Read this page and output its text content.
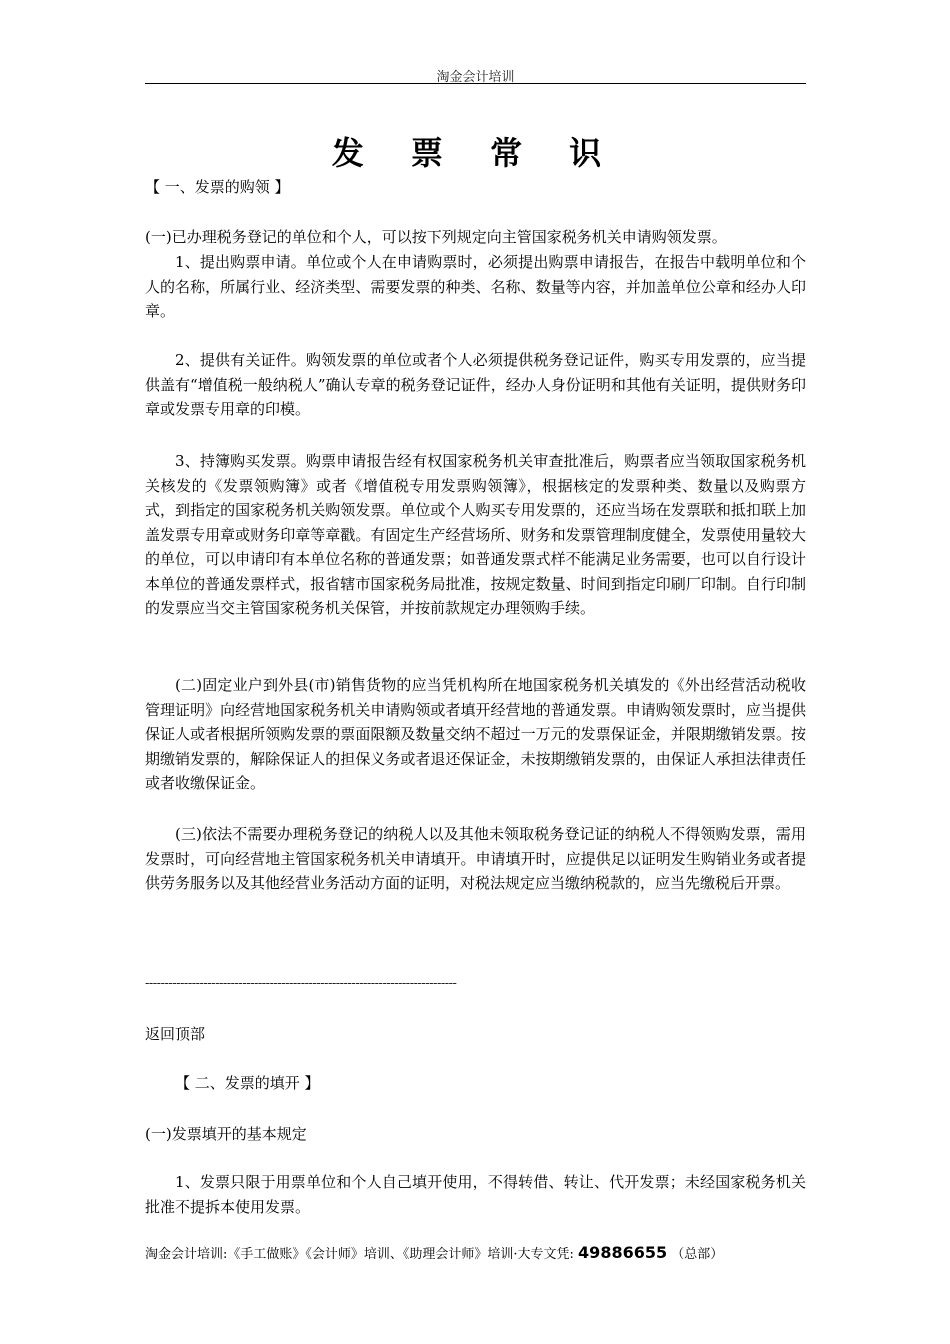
淘金会计培训
发 票 常 识
【 一、发票的购领 】
(一)已办理税务登记的单位和个人，可以按下列规定向主管国家税务机关申请购领发票。
1、提出购票申请。单位或个人在申请购票时，必须提出购票申请报告，在报告中载明单位和个人的名称，所属行业、经济类型、需要发票的种类、名称、数量等内容，并加盖单位公章和经办人印章。
2、提供有关证件。购领发票的单位或者个人必须提供税务登记证件，购买专用发票的，应当提供盖有“增值税一般纳税人”确认专章的税务登记证件，经办人身份证明和其他有关证明，提供财务印章或发票专用章的印模。
3、持簿购买发票。购票申请报告经有权国家税务机关审查批准后，购票者应当领取国家税务机关核发的《发票领购簿》或者《增值税专用发票购领簿》，根据核定的发票种类、数量以及购票方式，到指定的国家税务机关购领发票。单位或个人购买专用发票的，还应当场在发票联和抵扣联上加盖发票专用章或财务印章等章戳。有固定生产经营场所、财务和发票管理制度健全，发票使用量较大的单位，可以申请印有本单位名称的普通发票；如普通发票式样不能满足业务需要，也可以自行设计本单位的普通发票样式，报省辖市国家税务局批准，按规定数量、时间到指定印刷厂印制。自行印制的发票应当交主管国家税务机关保管，并按前款规定办理领购手续。
(二)固定业户到外县(市)销售货物的应当凭机构所在地国家税务机关填发的《外出经营活动税收管理证明》向经营地国家税务机关申请购领或者填开经营地的普通发票。申请购领发票时，应当提供保证人或者根据所领购发票的票面限额及数量交纳不超过一万元的发票保证金，并限期缴销发票。按期缴销发票的，解除保证人的担保义务或者退还保证金，未按期缴销发票的，由保证人承担法律责任或者收缴保证金。
(三)依法不需要办理税务登记的纳税人以及其他未领取税务登记证的纳税人不得领购发票，需用发票时，可向经营地主管国家税务机关申请填开。申请填开时，应提供足以证明发生购销业务或者提供劳务服务以及其他经营业务活动方面的证明，对税法规定应当缴纳税款的，应当先缴税后开票。
--------------------------------------------------------------------------------
返回顶部
【 二、发票的填开 】
(一)发票填开的基本规定
1、发票只限于用票单位和个人自己填开使用，不得转借、转让、代开发票；未经国家税务机关批准不提拆本使用发票。
淘金会计培训:《手工做账》《会计师》培训、《助理会计师》培训·大专文凭: 49886655 （总部）
